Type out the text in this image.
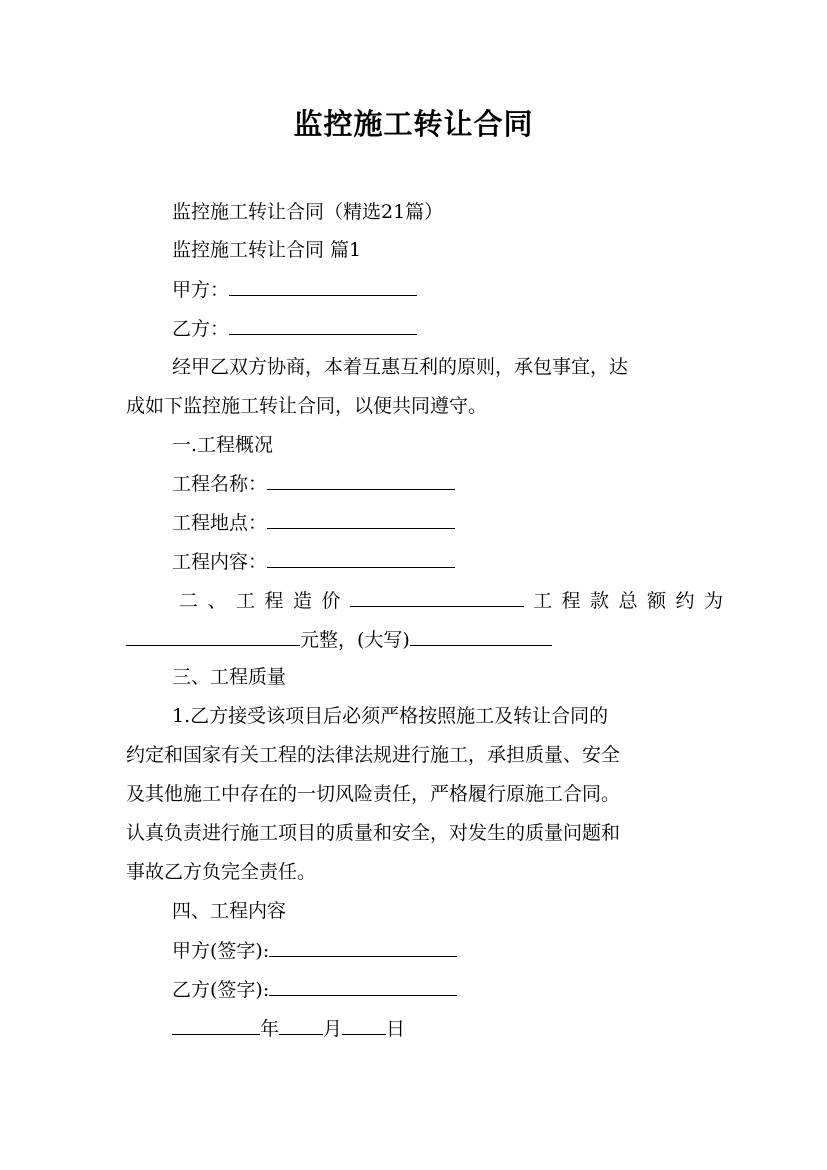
监控施工转让合同
监控施工转让合同（精选21篇）
监控施工转让合同 篇1
甲方：
乙方：
经甲乙双方协商，本着互惠互利的原则，承包事宜，达
成如下监控施工转让合同，以便共同遵守。
一.工程概况
工程名称：
工程地点：
工程内容：
二、工程造价	工程款总额约为
元整，(大写)
三、工程质量
1.乙方接受该项目后必须严格按照施工及转让合同的
约定和国家有关工程的法律法规进行施工，承担质量、安全
及其他施工中存在的一切风险责任，严格履行原施工合同。
认真负责进行施工项目的质量和安全，对发生的质量问题和
事故乙方负完全责任。
四、工程内容
甲方(签字):
乙方(签字):
年 月 日
